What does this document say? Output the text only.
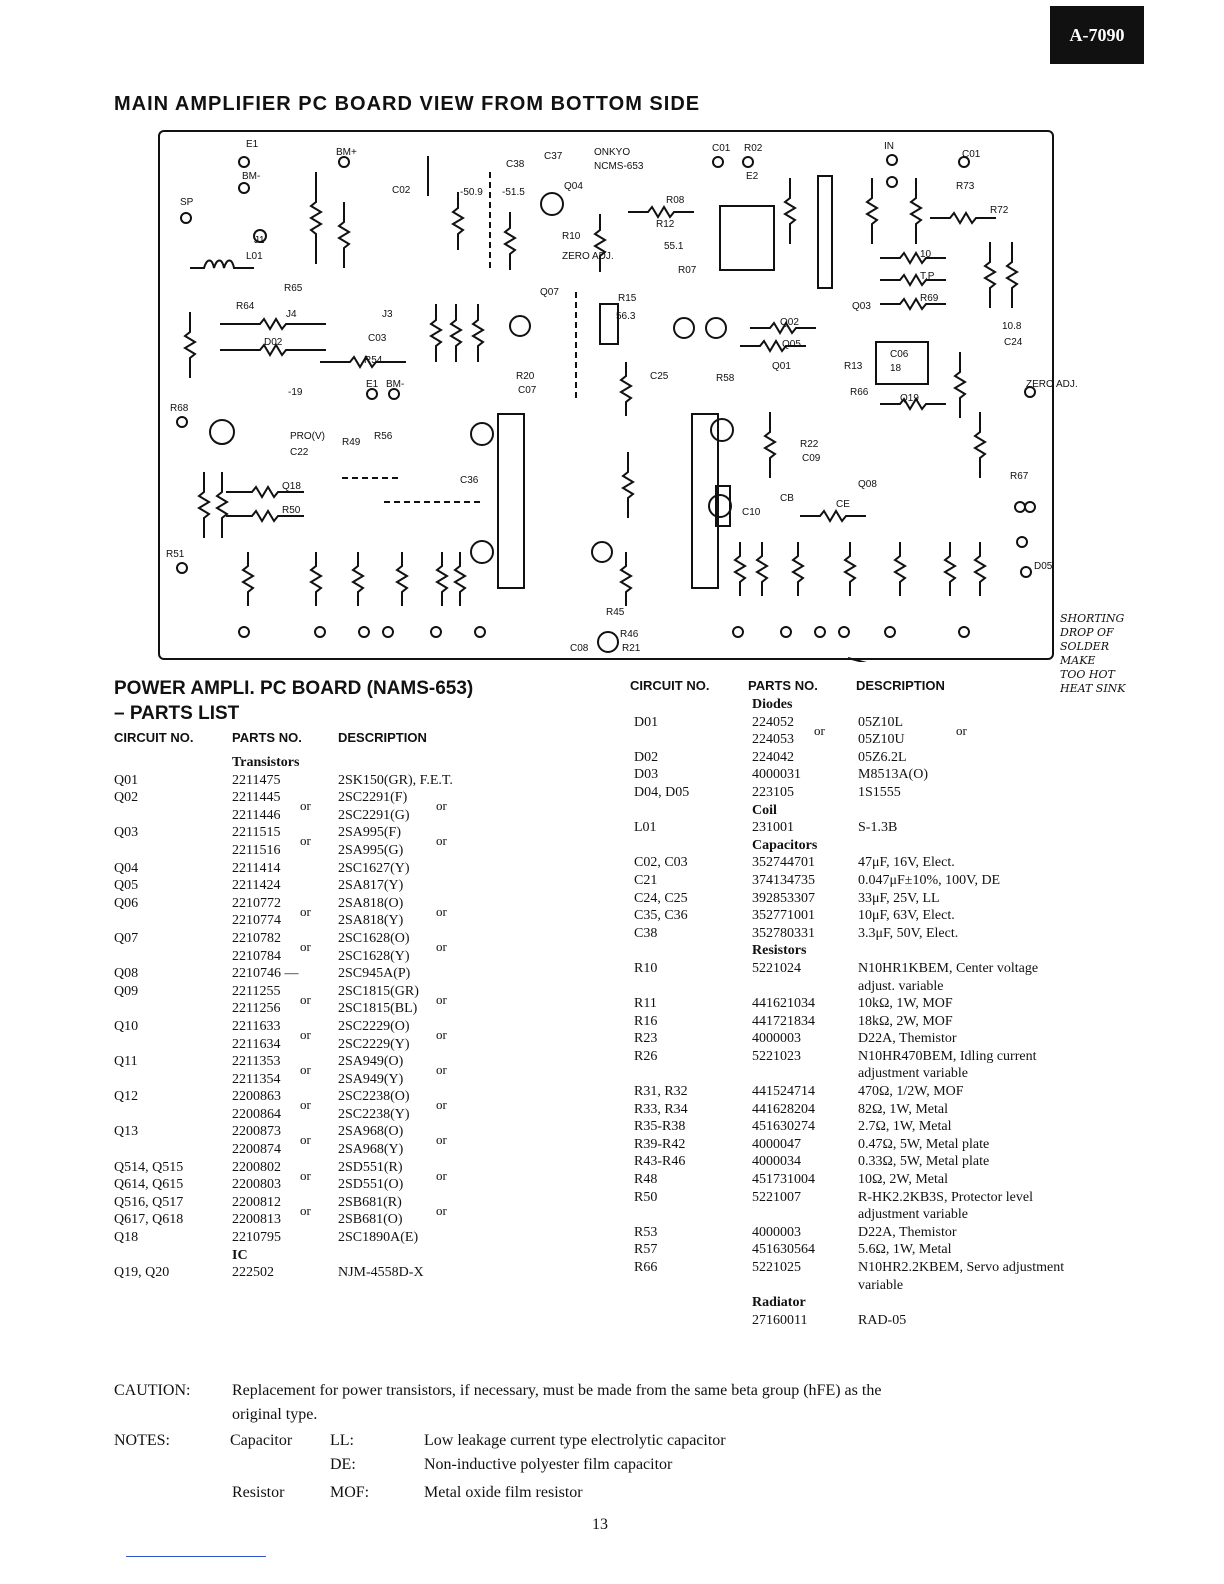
A-7090
MAIN AMPLIFIER PC BOARD VIEW FROM BOTTOM SIDE
E1
BM+
BM-
SP
J1
L01
C02
C37
C38
-50.9 -51.5
Q04
R10
ZERO ADJ.
ONKYO
NCMS-653
R08
R12
55.1
R07
C01 R02
E2
IN
C01
R73
R72
10
T.P
R69
R65
R64
J4	J3
D02	C03
R54
Q07
R15
56.3
R20
C07
Q03
Q02
Q05
Q01
C25	R58
R13
C06
18
10.8
C24
Q19
R66
R68
-19
PRO(V)
C22
Q18
R50
R51
R49
R56
E1 BM-
C36
R45
R46
C08	R21
R22
C09
Q08
CE
CB
C10
ZERO ADJ.
R67
D05
SHORTING
DROP OF
SOLDER
MAKE
TOO HOT
HEAT SINK
POWER AMPLI. PC BOARD (NAMS-653)
– PARTS LIST
CIRCUIT NO.	PARTS NO.	DESCRIPTION
CIRCUIT NO.	PARTS NO.	DESCRIPTION
Transistors
Q01	2211475	2SK150(GR), F.E.T.
Q02	2211445	2SC2291(F)
or	or
2211446	2SC2291(G)
Q03	2211515	2SA995(F)
or	or
2211516	2SA995(G)
Q04	2211414	2SC1627(Y)
Q05	2211424	2SA817(Y)
Q06	2210772	2SA818(O)
or	or
2210774	2SA818(Y)
Q07	2210782	2SC1628(O)
or	or
2210784	2SC1628(Y)
Q08	2210746 —	2SC945A(P)
Q09	2211255	2SC1815(GR)
or	or
2211256	2SC1815(BL)
Q10	2211633	2SC2229(O)
or	or
2211634	2SC2229(Y)
Q11	2211353	2SA949(O)
or	or
2211354	2SA949(Y)
Q12	2200863	2SC2238(O)
or	or
2200864	2SC2238(Y)
Q13	2200873	2SA968(O)
or	or
2200874	2SA968(Y)
Q514, Q515	2200802	2SD551(R)
or	or
Q614, Q615	2200803	2SD551(O)
Q516, Q517	2200812	2SB681(R)
or	or
Q617, Q618	2200813	2SB681(O)
Q18	2210795	2SC1890A(E)
IC
Q19, Q20	222502	NJM-4558D-X
Diodes
D01	224052	05Z10L
or	or
224053	05Z10U
D02	224042	05Z6.2L
D03	4000031	M8513A(O)
D04, D05	223105	1S1555
Coil
L01	231001	S-1.3B
Capacitors
C02, C03	352744701	47μF, 16V, Elect.
C21	374134735	0.047μF±10%, 100V, DE
C24, C25	392853307	33μF, 25V, LL
C35, C36	352771001	10μF, 63V, Elect.
C38	352780331	3.3μF, 50V, Elect.
Resistors
R10	5221024	N10HR1KBEM, Center voltage
adjust. variable
R11	441621034	10kΩ, 1W, MOF
R16	441721834	18kΩ, 2W, MOF
R23	4000003	D22A, Themistor
R26	5221023	N10HR470BEM, Idling current
adjustment variable
R31, R32	441524714	470Ω, 1/2W, MOF
R33, R34	441628204	82Ω, 1W, Metal
R35-R38	451630274	2.7Ω, 1W, Metal
R39-R42	4000047	0.47Ω, 5W, Metal plate
R43-R46	4000034	0.33Ω, 5W, Metal plate
R48	451731004	10Ω, 2W, Metal
R50	5221007	R-HK2.2KB3S, Protector level
adjustment variable
R53	4000003	D22A, Themistor
R57	451630564	5.6Ω, 1W, Metal
R66	5221025	N10HR2.2KBEM, Servo adjustment
variable
Radiator
27160011	RAD-05
CAUTION:	Replacement for power transistors, if necessary, must be made from the same beta group (hFE) as the
original type.
NOTES:	Capacitor LL:	Low leakage current type electrolytic capacitor
DE:	Non-inductive polyester film capacitor
Resistor	MOF:	Metal oxide film resistor
13
